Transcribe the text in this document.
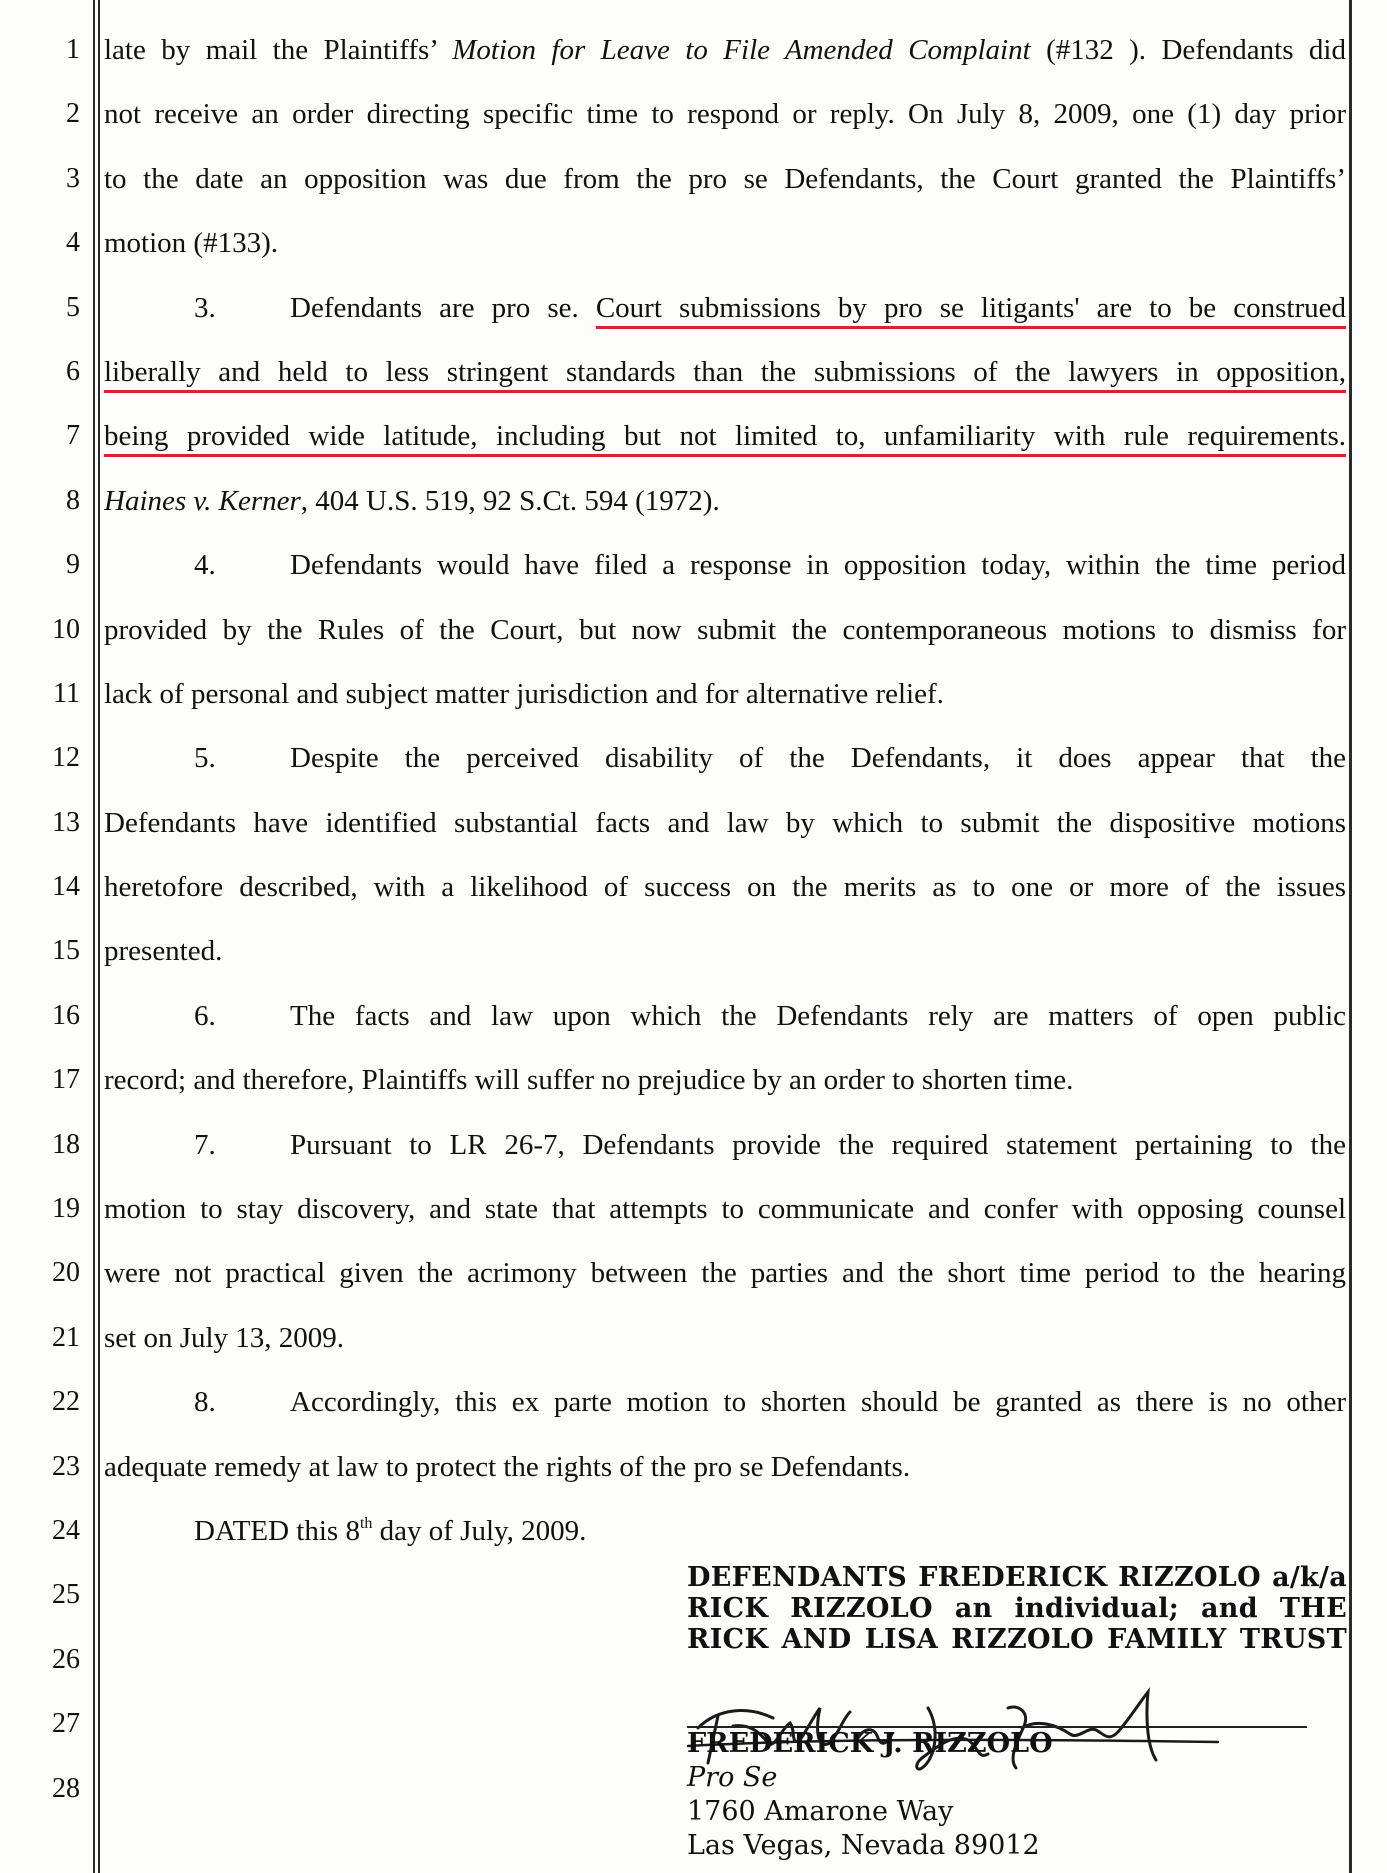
1
2
3
4
5
6
7
8
9
10
11
12
13
14
15
16
17
18
19
20
21
22
23
24
25
26
27
28
late by mail the Plaintiffs’ Motion for Leave to File Amended Complaint (#132 ). Defendants did
not receive an order directing specific time to respond or reply. On July 8, 2009, one (1) day prior
to the date an opposition was due from the pro se Defendants, the Court granted the Plaintiffs’
motion (#133).
3.	Defendants are pro se. Court submissions by pro se litigants' are to be construed
liberally and held to less stringent standards than the submissions of the lawyers in opposition,
being provided wide latitude, including but not limited to, unfamiliarity with rule requirements.
Haines v. Kerner, 404 U.S. 519, 92 S.Ct. 594 (1972).
4.	Defendants would have filed a response in opposition today, within the time period
provided by the Rules of the Court, but now submit the contemporaneous motions to dismiss for
lack of personal and subject matter jurisdiction and for alternative relief.
5.	Despite the perceived disability of the Defendants, it does appear that the
Defendants have identified substantial facts and law by which to submit the dispositive motions
heretofore described, with a likelihood of success on the merits as to one or more of the issues
presented.
6.	The facts and law upon which the Defendants rely are matters of open public
record; and therefore, Plaintiffs will suffer no prejudice by an order to shorten time.
7.	Pursuant to LR 26-7, Defendants provide the required statement pertaining to the
motion to stay discovery, and state that attempts to communicate and confer with opposing counsel
were not practical given the acrimony between the parties and the short time period to the hearing
set on July 13, 2009.
8.	Accordingly, this ex parte motion to shorten should be granted as there is no other
adequate remedy at law to protect the rights of the pro se Defendants.
DATED this 8th day of July, 2009.
DEFENDANTS FREDERICK RIZZOLO a/k/a
RICK RIZZOLO an individual; and THE
RICK AND LISA RIZZOLO FAMILY TRUST
FREDERICK J. RIZZOLO
Pro Se
1760 Amarone Way
Las Vegas, Nevada 89012
